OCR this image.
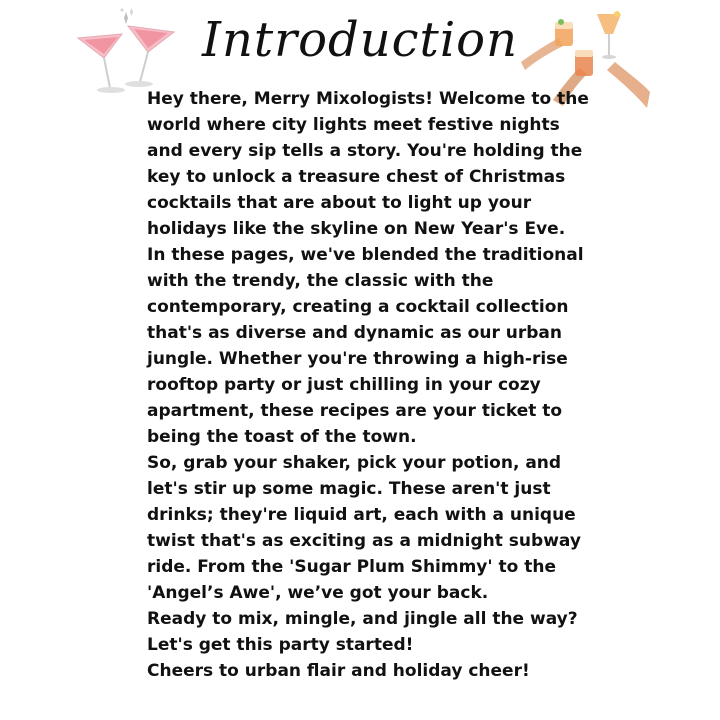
Introduction

Hey there, Merry Mixologists! Welcome to the world where city lights meet festive nights and every sip tells a story. You're holding the key to unlock a treasure chest of Christmas cocktails that are about to light up your holidays like the skyline on New Year's Eve.

In these pages, we've blended the traditional with the trendy, the classic with the contemporary, creating a cocktail collection that's as diverse and dynamic as our urban jungle. Whether you're throwing a high-rise rooftop party or just chilling in your cozy apartment, these recipes are your ticket to being the toast of the town.

So, grab your shaker, pick your potion, and let's stir up some magic. These aren't just drinks; they're liquid art, each with a unique twist that's as exciting as a midnight subway ride. From the 'Sugar Plum Shimmy' to the 'Angel’s Awe', we’ve got your back.

Ready to mix, mingle, and jingle all the way? Let's get this party started!

Cheers to urban flair and holiday cheer!
